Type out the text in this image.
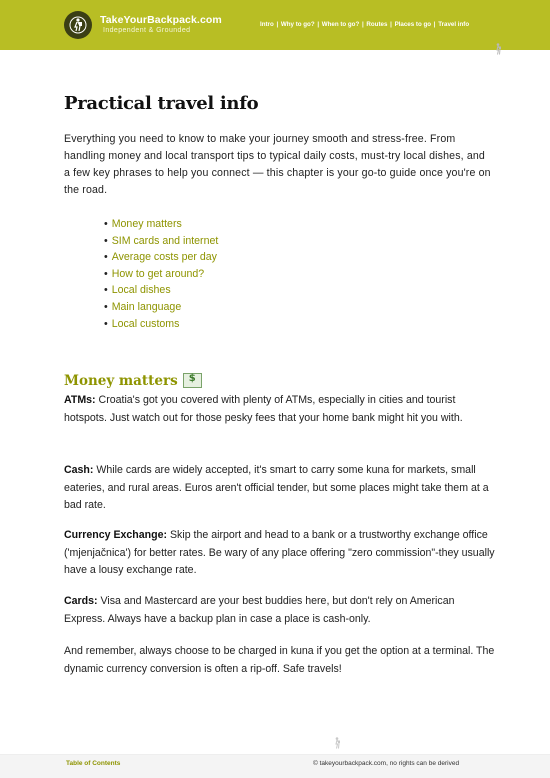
TakeYourBackpack.com
Independent & Grounded
Intro | Why to go? | When to go? | Routes | Places to go | Travel info
Practical travel info

Everything you need to know to make your journey smooth and stress-free. From handling money and local transport tips to typical daily costs, must-try local dishes, and a few key phrases to help you connect — this chapter is your go-to guide once you're on the road.

• Money matters
• SIM cards and internet
• Average costs per day
• How to get around?
• Local dishes
• Main language
• Local customs
Money matters
$

ATMs: Croatia's got you covered with plenty of ATMs, especially in cities and tourist hotspots. Just watch out for those pesky fees that your home bank might hit you with.

Cash: While cards are widely accepted, it's smart to carry some kuna for markets, small eateries, and rural areas. Euros aren't official tender, but some places might take them at a bad rate.

Currency Exchange: Skip the airport and head to a bank or a trustworthy exchange office ('mjenjačnica') for better rates. Be wary of any place offering "zero commission"-they usually have a lousy exchange rate.

Cards: Visa and Mastercard are your best buddies here, but don't rely on American Express. Always have a backup plan in case a place is cash-only.

And remember, always choose to be charged in kuna if you get the option at a terminal. The dynamic currency conversion is often a rip-off. Safe travels!

Table of Contents	© takeyourbackpack.com, no rights can be derived
